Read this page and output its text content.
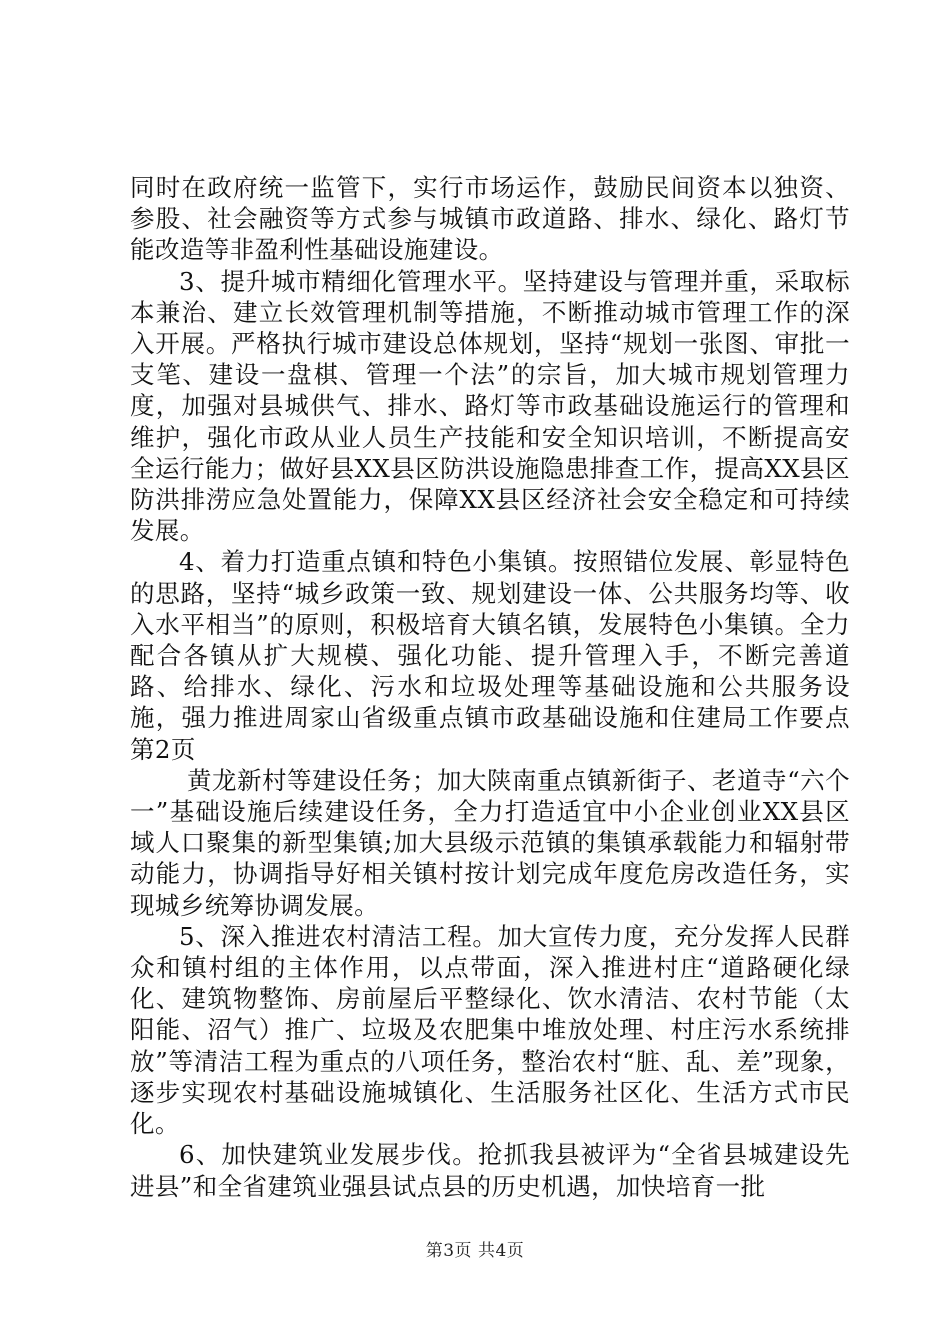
同时在政府统一监管下，实行市场运作，鼓励民间资本以独资、参股、社会融资等方式参与城镇市政道路、排水、绿化、路灯节能改造等非盈利性基础设施建设。

3、提升城市精细化管理水平。坚持建设与管理并重，采取标本兼治、建立长效管理机制等措施，不断推动城市管理工作的深入开展。严格执行城市建设总体规划，坚持“规划一张图、审批一支笔、建设一盘棋、管理一个法”的宗旨，加大城市规划管理力度，加强对县城供气、排水、路灯等市政基础设施运行的管理和维护，强化市政从业人员生产技能和安全知识培训，不断提高安全运行能力；做好县XX县区防洪设施隐患排查工作，提高XX县区防洪排涝应急处置能力，保障XX县区经济社会安全稳定和可持续发展。

4、着力打造重点镇和特色小集镇。按照错位发展、彰显特色的思路，坚持“城乡政策一致、规划建设一体、公共服务均等、收入水平相当”的原则，积极培育大镇名镇，发展特色小集镇。全力配合各镇从扩大规模、强化功能、提升管理入手，不断完善道路、给排水、绿化、污水和垃圾处理等基础设施和公共服务设施，强力推进周家山省级重点镇市政基础设施和住建局工作要点第2页

黄龙新村等建设任务；加大陕南重点镇新街子、老道寺“六个一”基础设施后续建设任务，全力打造适宜中小企业创业XX县区域人口聚集的新型集镇;加大县级示范镇的集镇承载能力和辐射带动能力，协调指导好相关镇村按计划完成年度危房改造任务，实现城乡统筹协调发展。

5、深入推进农村清洁工程。加大宣传力度，充分发挥人民群众和镇村组的主体作用，以点带面，深入推进村庄“道路硬化绿化、建筑物整饰、房前屋后平整绿化、饮水清洁、农村节能（太阳能、沼气）推广、垃圾及农肥集中堆放处理、村庄污水系统排放”等清洁工程为重点的八项任务，整治农村“脏、乱、差”现象，逐步实现农村基础设施城镇化、生活服务社区化、生活方式市民化。

6、加快建筑业发展步伐。抢抓我县被评为“全省县城建设先进县”和全省建筑业强县试点县的历史机遇，加快培育一批

第3页 共4页
